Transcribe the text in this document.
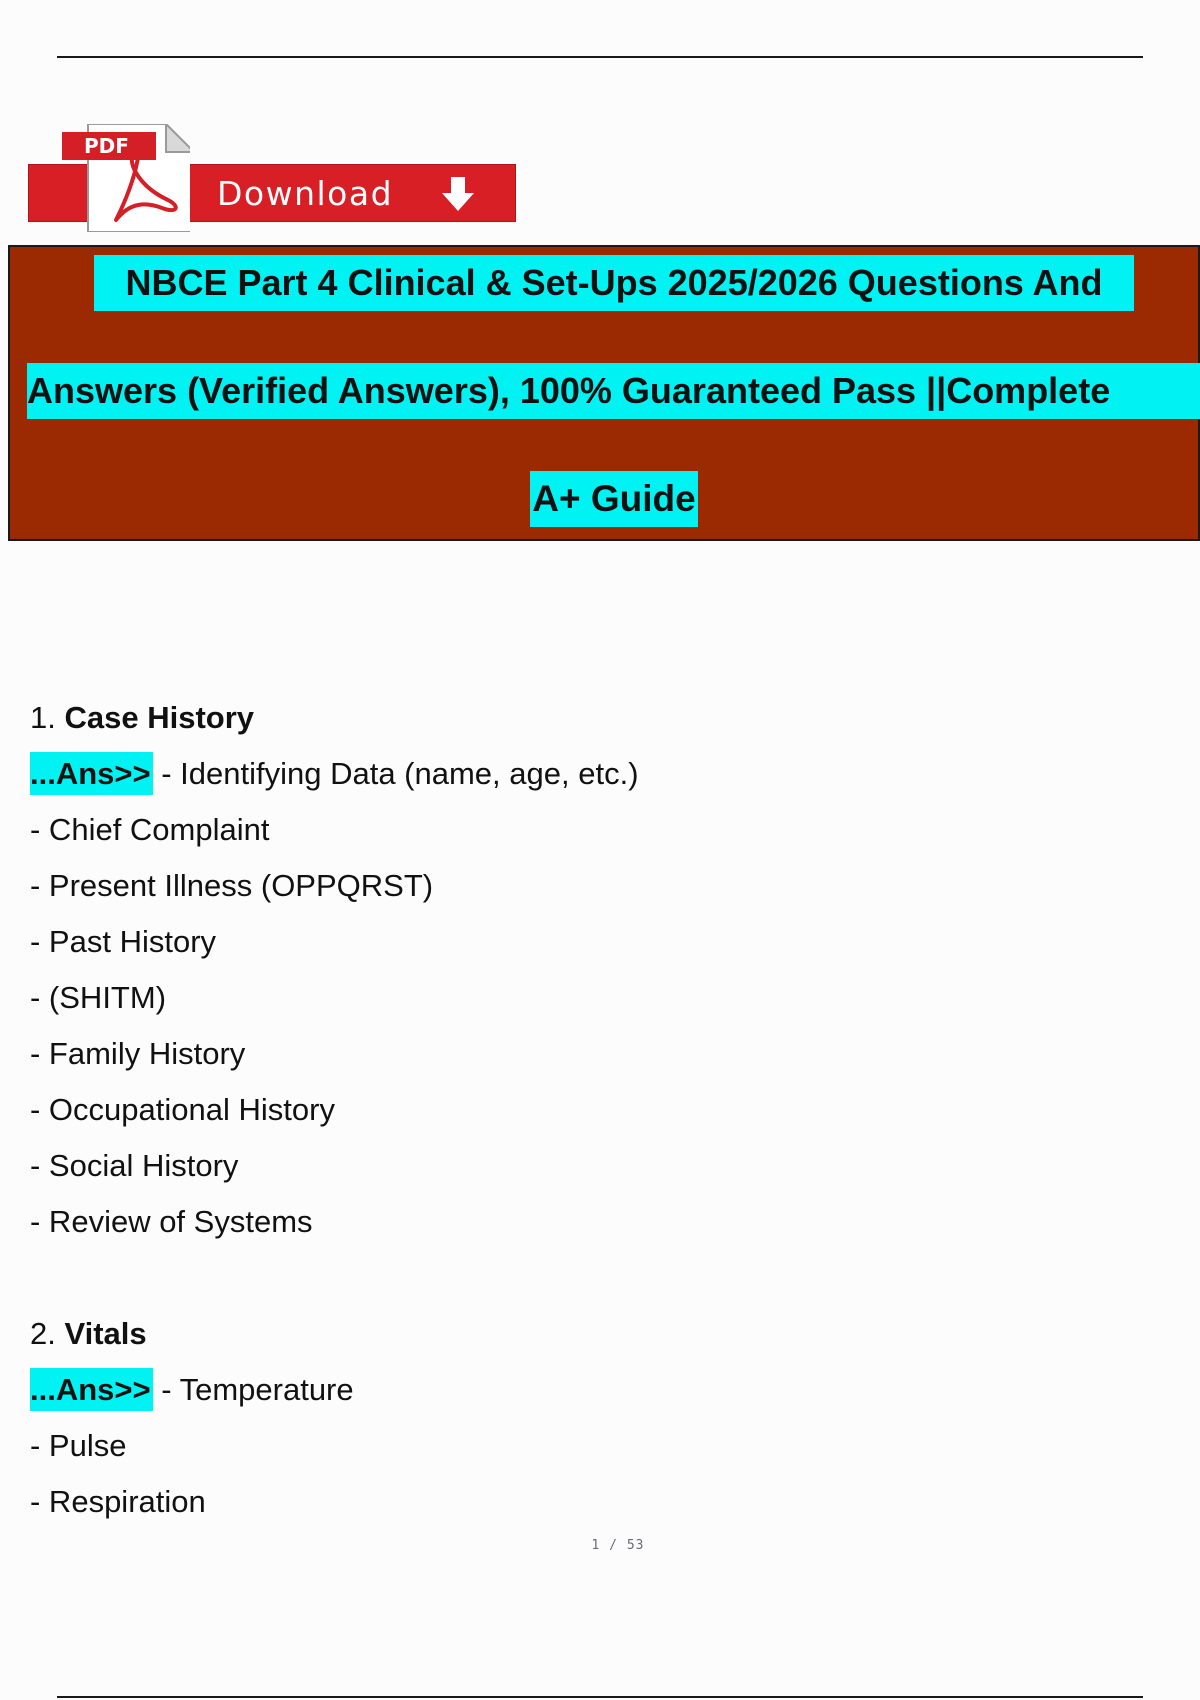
Download
PDF
NBCE Part 4 Clinical & Set-Ups 2025/2026 Questions And
Answers (Verified Answers), 100% Guaranteed Pass ||Complete
A+ Guide
1. Case History
...Ans>> - Identifying Data (name, age, etc.)
- Chief Complaint
- Present Illness (OPPQRST)
- Past History
- (SHITM)
- Family History
- Occupational History
- Social History
- Review of Systems
2. Vitals
...Ans>> - Temperature
- Pulse
- Respiration
1 / 53
